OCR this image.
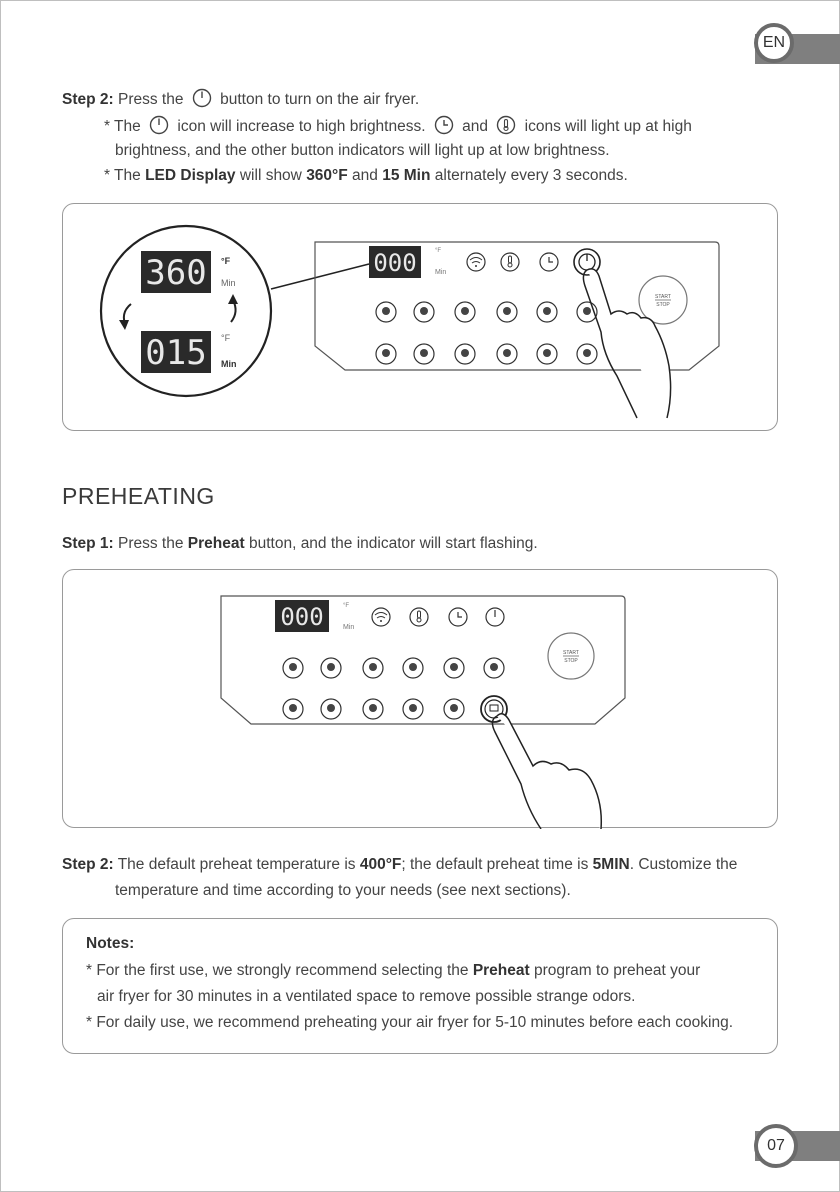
EN
Step 2: Press the button to turn on the air fryer.
* The icon will increase to high brightness. and icons will light up at high
brightness, and the other button indicators will light up at low brightness.
* The LED Display will show 360°F and 15 Min alternately every 3 seconds.
360 °F
Min
015 °F
Min
000	°F
Min
START
STOP
PREHEATING
Step 1: Press the Preheat button, and the indicator will start flashing.
000	°F
Min
START
STOP
Step 2: The default preheat temperature is 400°F; the default preheat time is 5MIN. Customize the
temperature and time according to your needs (see next sections).
Notes:
* For the first use, we strongly recommend selecting the Preheat program to preheat your
air fryer for 30 minutes in a ventilated space to remove possible strange odors.
* For daily use, we recommend preheating your air fryer for 5-10 minutes before each cooking.
07
